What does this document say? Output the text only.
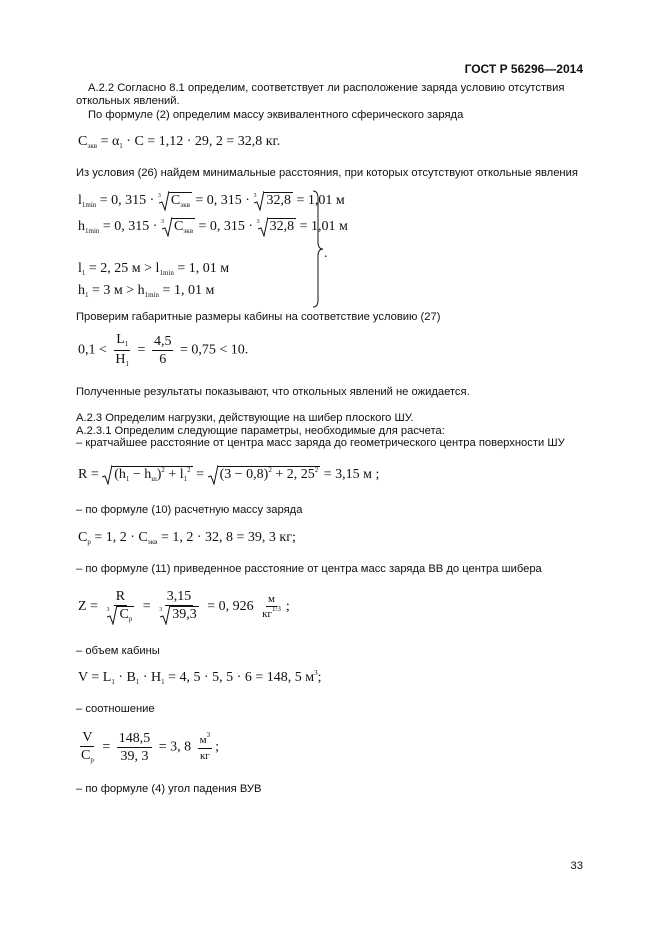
ГОСТ Р 56296—2014
А.2.2 Согласно 8.1 определим, соответствует ли расположение заряда условию отсутствия
откольных явлений.
По формуле (2) определим массу эквивалентного сферического заряда
$C_{экв} = \alpha_1 \cdot C = 1,12 \cdot 29$, 2 = 32,8 кг.
Из условия (26) найдем минимальные расстояния, при которых отсутствуют откольные явления
$l_{1min} = 0$, 315 · $^3$ $C_{экв} = 0$, 315 · $^3$ 32,8 = 1,01 м
$h_{1min} = 0$, 315 · $^3$ $C_{экв} = 0$, 315 · $^3$ 32,8 = 1,01 м
$l_1 = 2$, 25 $м > l_{1min} = 1$, 01 м
$h_1 = 3$ $м > h_{1min} = 1$, 01 м
.
Проверим габаритные размеры кабины на соответствие условию (27)
$0,1 < \frac{L_1}{H_1} = \frac{4,5}{6} = 0,75 < 10$.
Полученные результаты показывают, что откольных явлений не ожидается.
А.2.3 Определим нагрузки, действующие на шибер плоского ШУ.
А.2.3.1 Определим следующие параметры, необходимые для расчета:
– кратчайшее расстояние от центра масс заряда до геометрического центра поверхности ШУ
$R = (h_1 - h_ш)^2 + l_1^2 = (3 - 0,8)^2 + 2$, $25^2 = 3,15$ м ;
– по формуле (10) расчетную массу заряда
$C_р = 1$, $2 \cdot C_{экв} = 1$, 2 · 32, 8 = 39, 3 кг;
– по формуле (11) приведенное расстояние от центра масс заряда ВВ до центра шибера
$Z = \frac{R}{^3 C_р} = \frac{3,15}{^3 39,3} = 0$, $926 \frac{м}{кг^{1/3}}$ ;
– объем кабины
$V = L_1 \cdot B_1 \cdot H_1 = 4$, 5 · 5, 5 · 6 = 148, 5 $м^3$;
– соотношение
$\frac{V}{C_р} = \frac{148,5}{39, 3} = 3$, $8 \frac{м^3}{кг}$ ;
– по формуле (4) угол падения ВУВ
33
